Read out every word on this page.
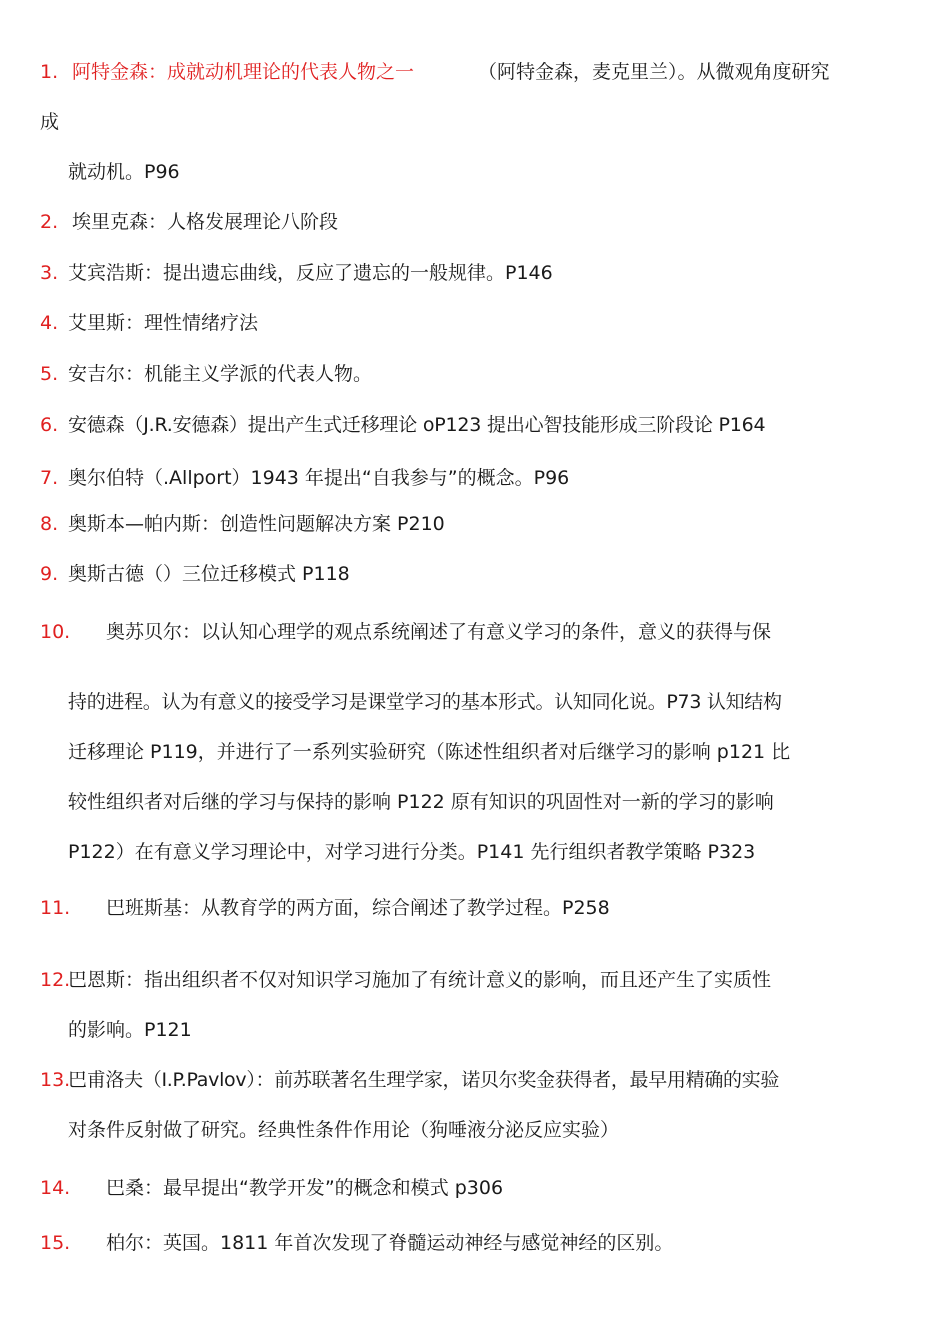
1. 阿特金森：成就动机理论的代表人物之一	（阿特金森，麦克里兰）。从微观角度研究
成
就动机。P96
2. 埃里克森：人格发展理论八阶段
3. 艾宾浩斯：提出遗忘曲线，反应了遗忘的一般规律。P146
4. 艾里斯：理性情绪疗法
5. 安吉尔：机能主义学派的代表人物。
6. 安德森（J.R.安德森）提出产生式迁移理论 oP123 提出心智技能形成三阶段论 P164
7. 奥尔伯特（.Allport）1943 年提出“自我参与”的概念。P96
8. 奥斯本—帕内斯：创造性问题解决方案 P210
9. 奥斯古德（）三位迁移模式 P118
10. 奥苏贝尔：以认知心理学的观点系统阐述了有意义学习的条件，意义的获得与保
持的进程。认为有意义的接受学习是课堂学习的基本形式。认知同化说。P73 认知结构
迁移理论 P119，并进行了一系列实验研究（陈述性组织者对后继学习的影响 p121 比
较性组织者对后继的学习与保持的影响 P122 原有知识的巩固性对一新的学习的影响
P122）在有意义学习理论中，对学习进行分类。P141 先行组织者教学策略 P323
11. 巴班斯基：从教育学的两方面，综合阐述了教学过程。P258
12.
巴恩斯：指出组织者不仅对知识学习施加了有统计意义的影响，而且还产生了实质性
的影响。P121
13.
巴甫洛夫（I.P.Pavlov）：前苏联著名生理学家，诺贝尔奖金获得者，最早用精确的实验
对条件反射做了研究。经典性条件作用论（狗唾液分泌反应实验）
14. 巴桑：最早提出“教学开发”的概念和模式 p306
15. 柏尔：英国。1811 年首次发现了脊髓运动神经与感觉神经的区别。
